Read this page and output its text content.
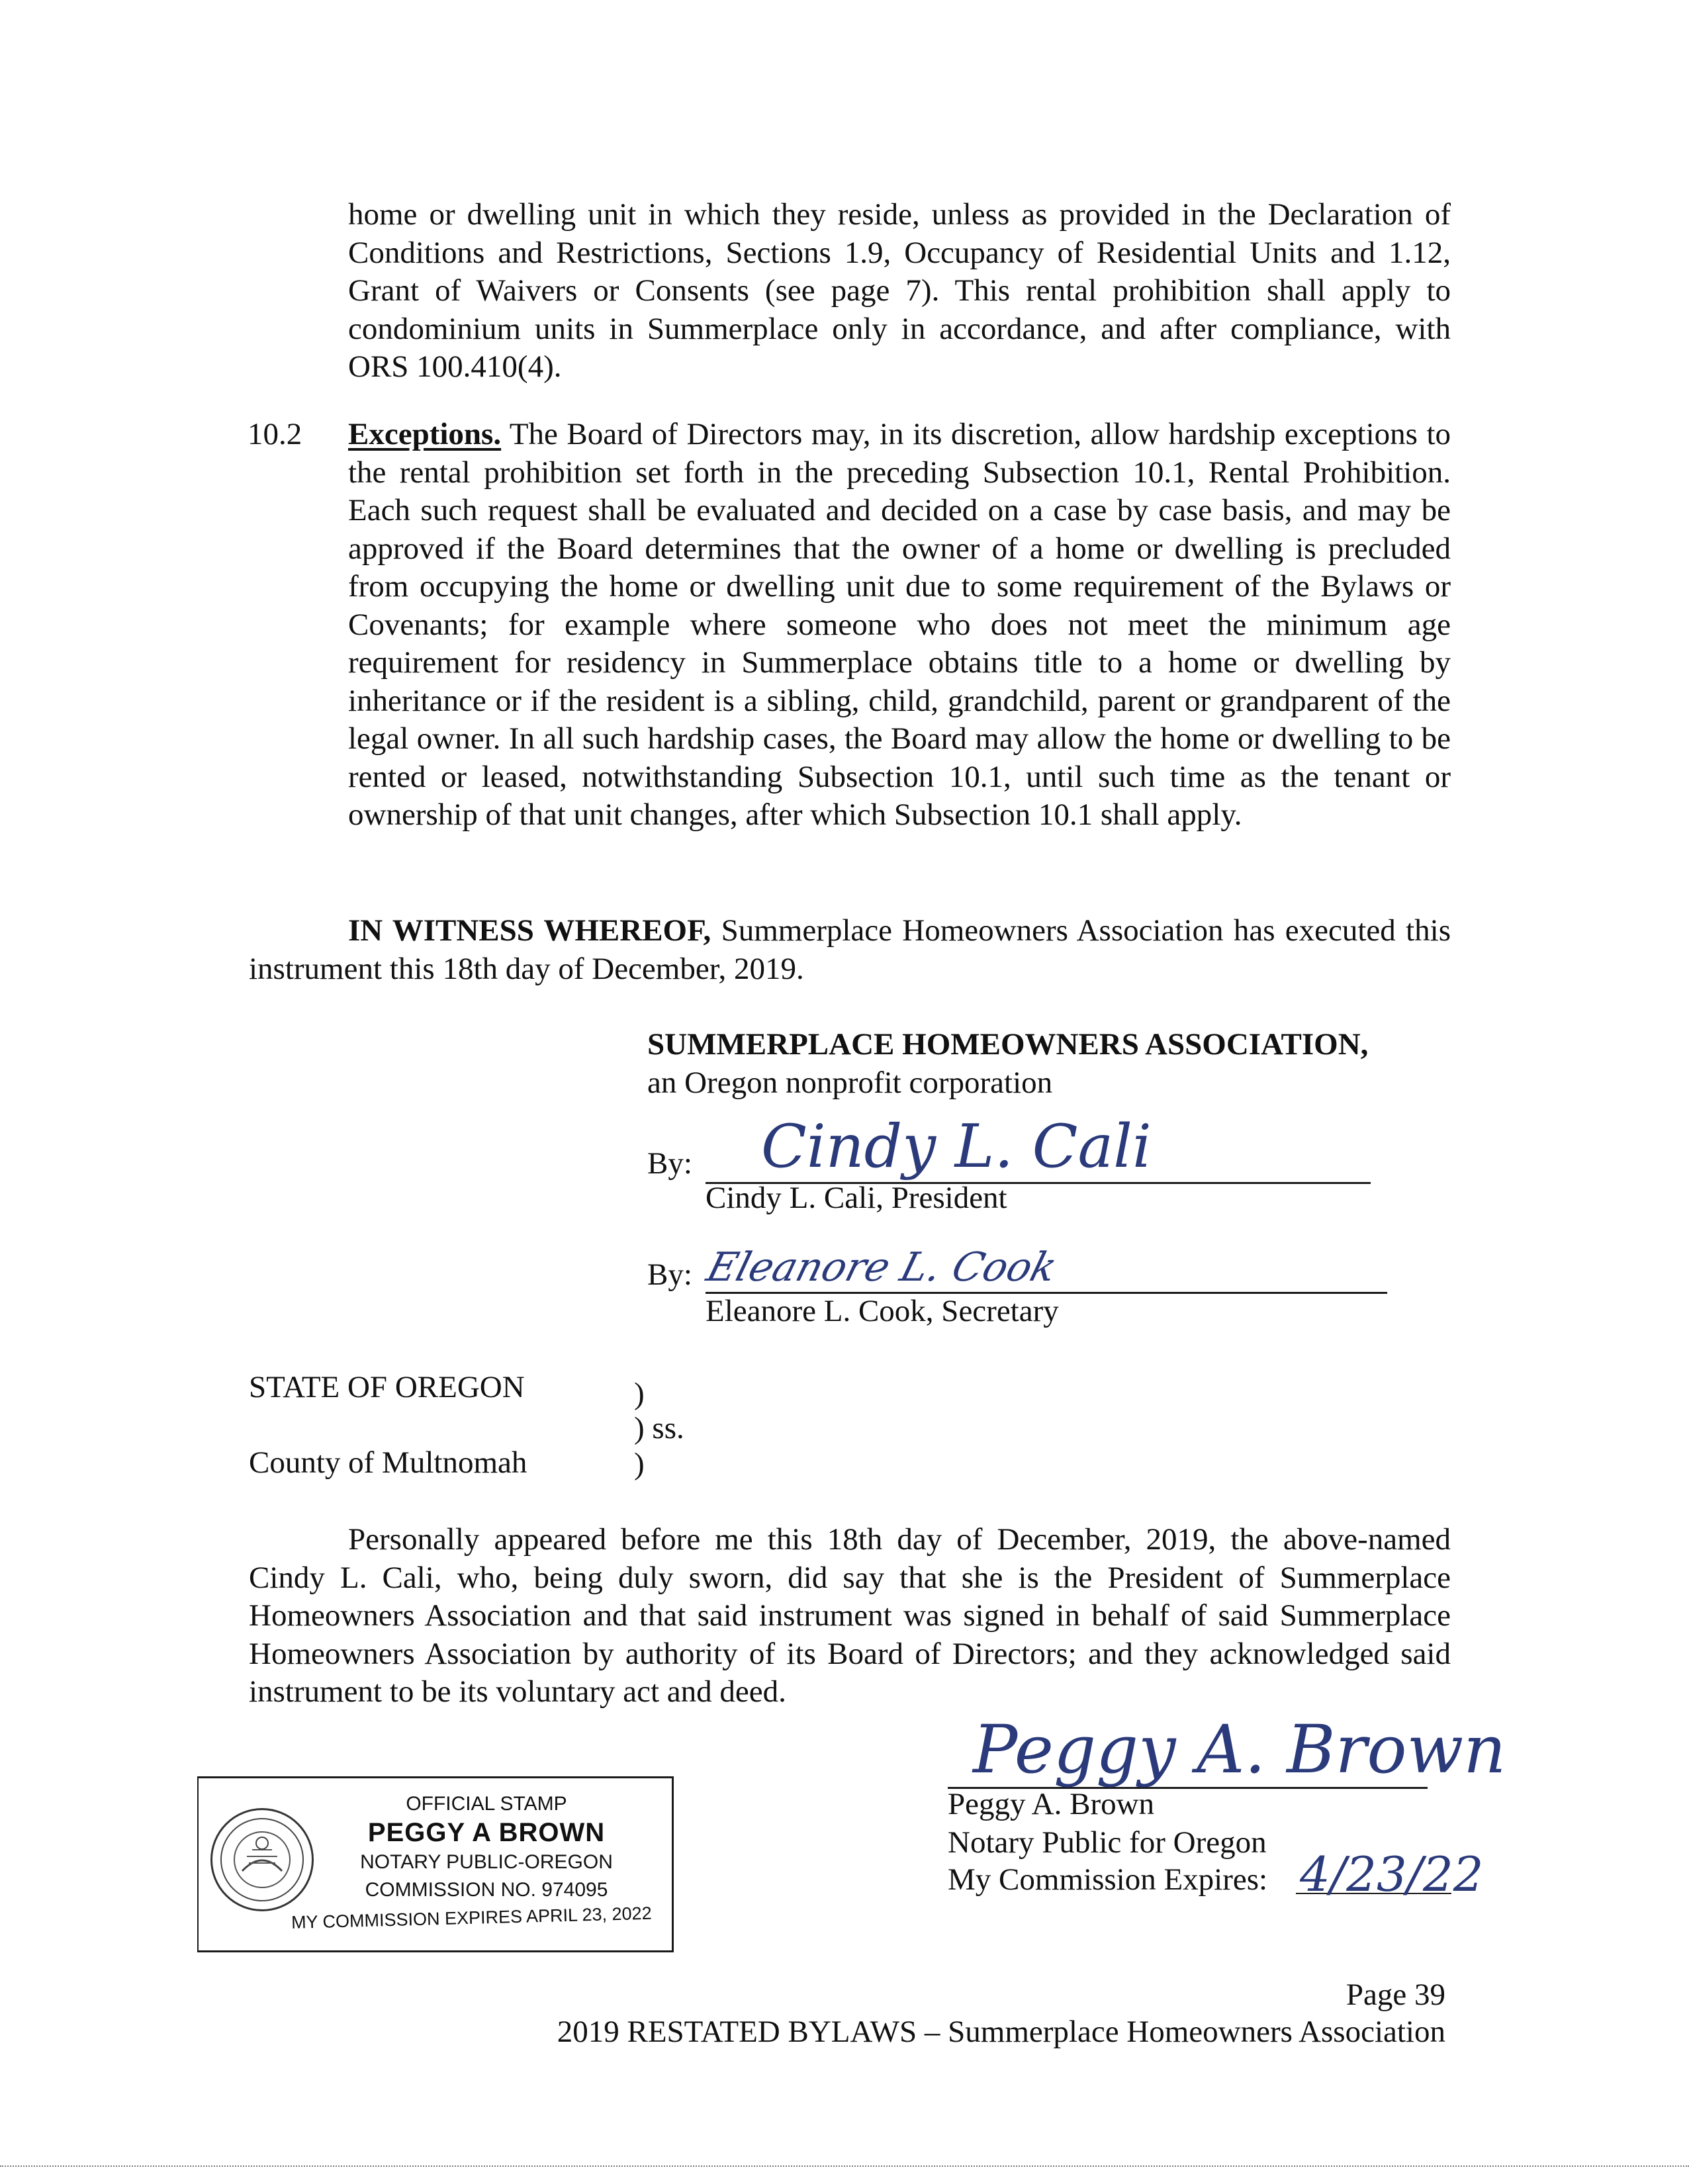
home or dwelling unit in which they reside, unless as provided in the Declaration of Conditions and Restrictions, Sections 1.9, Occupancy of Residential Units and 1.12, Grant of Waivers or Consents (see page 7). This rental prohibition shall apply to condominium units in Summerplace only in accordance, and after compliance, with ORS 100.410(4).
10.2 Exceptions. The Board of Directors may, in its discretion, allow hardship exceptions to the rental prohibition set forth in the preceding Subsection 10.1, Rental Prohibition. Each such request shall be evaluated and decided on a case by case basis, and may be approved if the Board determines that the owner of a home or dwelling is precluded from occupying the home or dwelling unit due to some requirement of the Bylaws or Covenants; for example where someone who does not meet the minimum age requirement for residency in Summerplace obtains title to a home or dwelling by inheritance or if the resident is a sibling, child, grandchild, parent or grandparent of the legal owner. In all such hardship cases, the Board may allow the home or dwelling to be rented or leased, notwithstanding Subsection 10.1, until such time as the tenant or ownership of that unit changes, after which Subsection 10.1 shall apply.
IN WITNESS WHEREOF, Summerplace Homeowners Association has executed this instrument this 18th day of December, 2019.
SUMMERPLACE HOMEOWNERS ASSOCIATION,
an Oregon nonprofit corporation
By: Cindy L. Cali
Cindy L. Cali, President
By: Eleanore L. Cook
Eleanore L. Cook, Secretary
STATE OF OREGON	)
) ss.
)
County of Multnomah
Personally appeared before me this 18th day of December, 2019, the above-named Cindy L. Cali, who, being duly sworn, did say that she is the President of Summerplace Homeowners Association and that said instrument was signed in behalf of said Summerplace Homeowners Association by authority of its Board of Directors; and they acknowledged said instrument to be its voluntary act and deed.
OFFICIAL STAMP
PEGGY A BROWN
NOTARY PUBLIC-OREGON
COMMISSION NO. 974095
MY COMMISSION EXPIRES APRIL 23, 2022
Peggy A. Brown
Peggy A. Brown
Notary Public for Oregon
My Commission Expires: 4/23/22
Page 39
2019 RESTATED BYLAWS – Summerplace Homeowners Association
